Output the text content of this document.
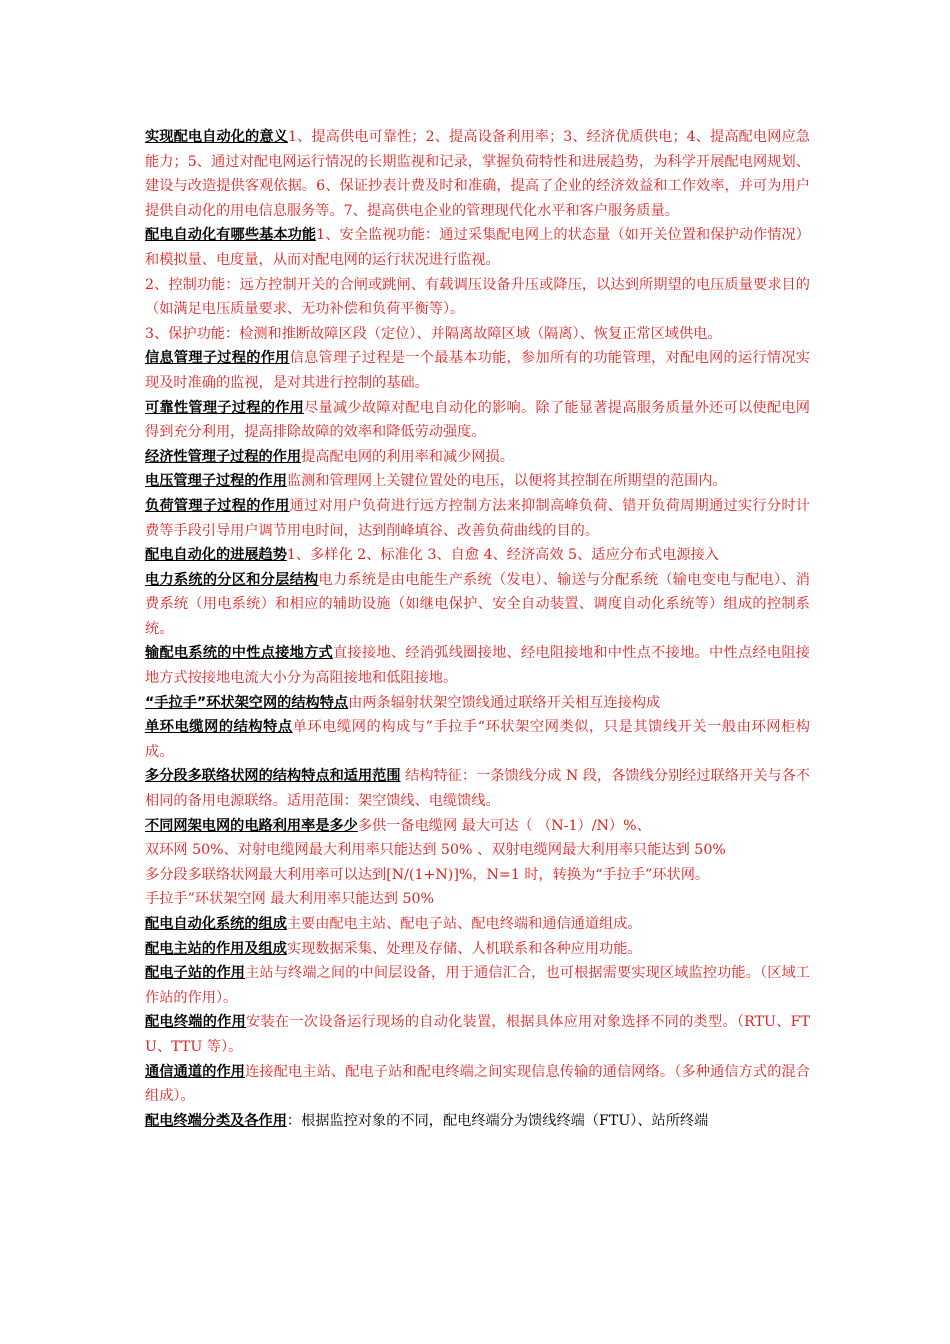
实现配电自动化的意义1、提高供电可靠性；2、提高设备利用率；3、经济优质供电；4、提高配电网应急能力；5、通过对配电网运行情况的长期监视和记录，掌握负荷特性和进展趋势，为科学开展配电网规划、建设与改造提供客观依据。6、保证抄表计费及时和准确，提高了企业的经济效益和工作效率，并可为用户提供自动化的用电信息服务等。7、提高供电企业的管理现代化水平和客户服务质量。

配电自动化有哪些基本功能1、安全监视功能：通过采集配电网上的状态量（如开关位置和保护动作情况）和模拟量、电度量，从而对配电网的运行状况进行监视。

2、控制功能：远方控制开关的合闸或跳闸、有载调压设备升压或降压，以达到所期望的电压质量要求目的（如满足电压质量要求、无功补偿和负荷平衡等）。

3、保护功能：检测和推断故障区段（定位）、并隔离故障区域（隔离）、恢复正常区域供电。

信息管理子过程的作用信息管理子过程是一个最基本功能，参加所有的功能管理，对配电网的运行情况实现及时准确的监视，是对其进行控制的基础。

可靠性管理子过程的作用尽量减少故障对配电自动化的影响。除了能显著提高服务质量外还可以使配电网得到充分利用，提高排除故障的效率和降低劳动强度。

经济性管理子过程的作用提高配电网的利用率和减少网损。

电压管理子过程的作用监测和管理网上关键位置处的电压，以便将其控制在所期望的范围内。

负荷管理子过程的作用通过对用户负荷进行远方控制方法来抑制高峰负荷、错开负荷周期通过实行分时计费等手段引导用户调节用电时间，达到削峰填谷、改善负荷曲线的目的。

配电自动化的进展趋势1、多样化 2、标准化 3、自愈 4、经济高效 5、适应分布式电源接入

电力系统的分区和分层结构电力系统是由电能生产系统（发电）、输送与分配系统（输电变电与配电）、消费系统（用电系统）和相应的辅助设施（如继电保护、安全自动装置、调度自动化系统等）组成的控制系统。

输配电系统的中性点接地方式直接接地、经消弧线圈接地、经电阻接地和中性点不接地。中性点经电阻接地方式按接地电流大小分为高阻接地和低阻接地。

“手拉手”环状架空网的结构特点由两条辐射状架空馈线通过联络开关相互连接构成

单环电缆网的结构特点单环电缆网的构成与”手拉手“环状架空网类似，只是其馈线开关一般由环网柜构成。

多分段多联络状网的结构特点和适用范围 结构特征：一条馈线分成 N 段，各馈线分别经过联络开关与各不相同的备用电源联络。适用范围：架空馈线、电缆馈线。

不同网架电网的电路利用率是多少多供一备电缆网 最大可达（ （N-1）/N）%、

双环网 50%、对射电缆网最大利用率只能达到 50% 、双射电缆网最大利用率只能达到 50%

多分段多联络状网最大利用率可以达到[N/(1+N)]%，N=1 时，转换为“手拉手”环状网。

手拉手”环状架空网 最大利用率只能达到 50%

配电自动化系统的组成主要由配电主站、配电子站、配电终端和通信通道组成。

配电主站的作用及组成实现数据采集、处理及存储、人机联系和各种应用功能。

配电子站的作用主站与终端之间的中间层设备，用于通信汇合，也可根据需要实现区域监控功能。（区域工作站的作用）。

配电终端的作用安装在一次设备运行现场的自动化装置，根据具体应用对象选择不同的类型。（RTU、FTU、TTU 等）。

通信通道的作用连接配电主站、配电子站和配电终端之间实现信息传输的通信网络。（多种通信方式的混合组成）。

配电终端分类及各作用：根据监控对象的不同，配电终端分为馈线终端（FTU）、站所终端
